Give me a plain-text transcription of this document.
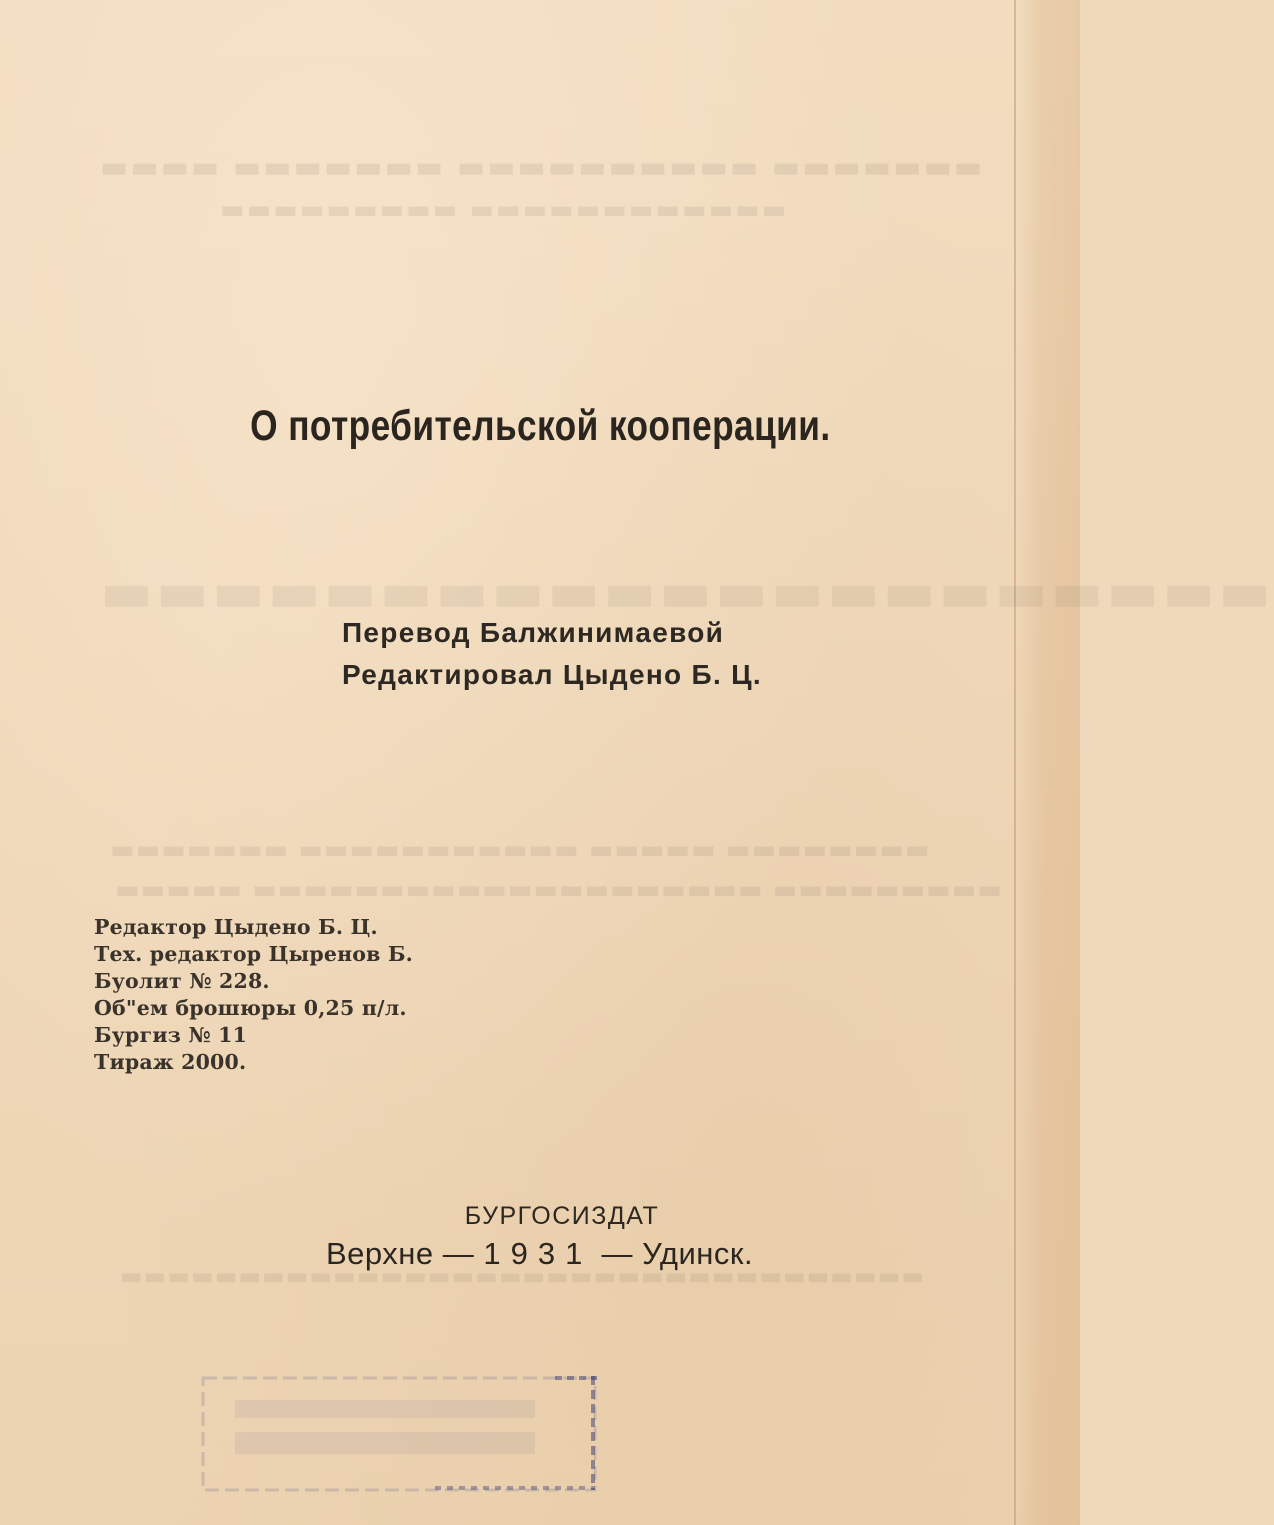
▬▬▬▬ ▬▬▬▬▬▬▬ ▬▬▬▬▬▬▬▬▬▬ ▬▬▬▬▬▬▬
▬▬▬▬▬▬▬▬▬ ▬▬▬▬▬▬▬▬▬▬▬▬
▬▬▬▬▬▬▬▬▬▬▬▬▬▬▬▬▬▬▬▬▬
▬▬▬▬▬▬▬ ▬▬▬▬▬▬▬▬▬▬▬ ▬▬▬▬▬ ▬▬▬▬▬▬▬▬
▬▬▬▬▬ ▬▬▬▬▬▬▬▬▬▬▬▬▬▬▬▬▬▬▬▬ ▬▬▬▬▬▬▬▬▬
▬▬▬▬▬▬▬▬▬▬▬▬▬▬▬▬▬▬▬▬▬▬▬▬▬▬▬▬▬▬▬▬▬▬
О потребительской кооперации.
Перевод Балжинимаевой
Редактировал Цыдено Б. Ц.
Редактор Цыдено Б. Ц.
Тех. редактор Цыренов Б.
Буолит № 228.
Об"ем брошюры 0,25 п/л.
Бургиз № 11
Тираж 2000.
БУРГОСИЗДАТ
Верхне — 1931 — Удинск.
